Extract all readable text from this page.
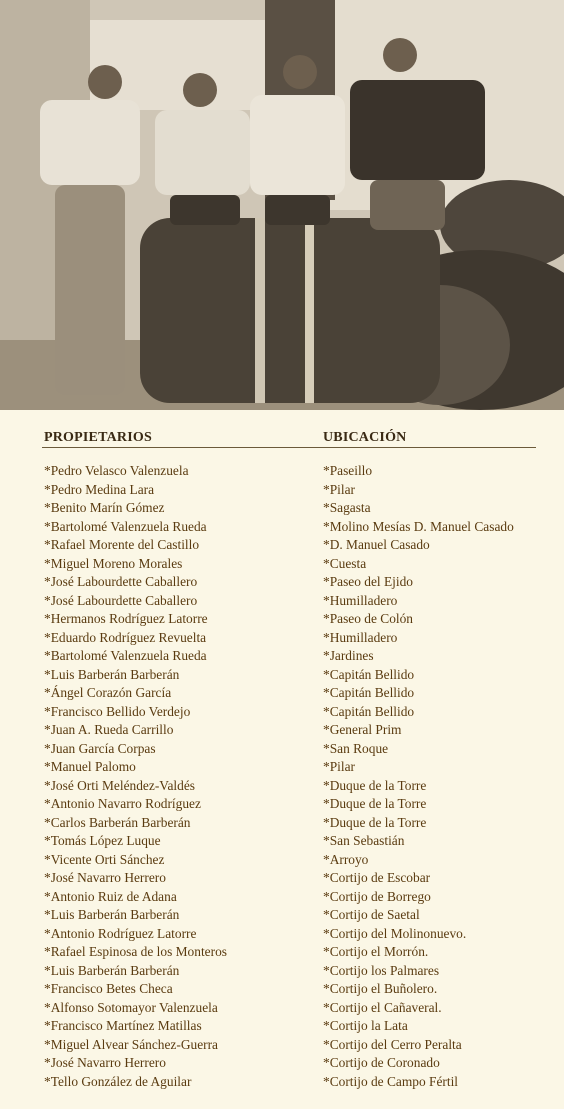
PROPIETARIOS	UBICACIÓN
*Pedro Velasco Valenzuela
*Pedro Medina Lara
*Benito Marín Gómez
*Bartolomé Valenzuela Rueda
*Rafael Morente del Castillo
*Miguel Moreno Morales
*José Labourdette Caballero
*José Labourdette Caballero
*Hermanos Rodríguez Latorre
*Eduardo Rodríguez Revuelta
*Bartolomé Valenzuela Rueda
*Luis Barberán Barberán
*Ángel Corazón García
*Francisco Bellido Verdejo
*Juan A. Rueda Carrillo
*Juan García Corpas
*Manuel Palomo
*José Orti Meléndez-Valdés
*Antonio Navarro Rodríguez
*Carlos Barberán Barberán
*Tomás López Luque
*Vicente Orti Sánchez
*José Navarro Herrero
*Antonio Ruiz de Adana
*Luis Barberán Barberán
*Antonio Rodríguez Latorre
*Rafael Espinosa de los Monteros
*Luis Barberán Barberán
*Francisco Betes Checa
*Alfonso Sotomayor Valenzuela
*Francisco Martínez Matillas
*Miguel Alvear Sánchez-Guerra
*José Navarro Herrero
*Tello González de Aguilar
*Paseillo
*Pilar
*Sagasta
*Molino Mesías D. Manuel Casado
*D. Manuel Casado
*Cuesta
*Paseo del Ejido
*Humilladero
*Paseo de Colón
*Humilladero
*Jardines
*Capitán Bellido
*Capitán Bellido
*Capitán Bellido
*General Prim
*San Roque
*Pilar
*Duque de la Torre
*Duque de la Torre
*Duque de la Torre
*San Sebastián
*Arroyo
*Cortijo de Escobar
*Cortijo de Borrego
*Cortijo de Saetal
*Cortijo del Molinonuevo.
*Cortijo el Morrón.
*Cortijo los Palmares
*Cortijo el Buñolero.
*Cortijo el Cañaveral.
*Cortijo la Lata
*Cortijo del Cerro Peralta
*Cortijo de Coronado
*Cortijo de Campo Fértil
